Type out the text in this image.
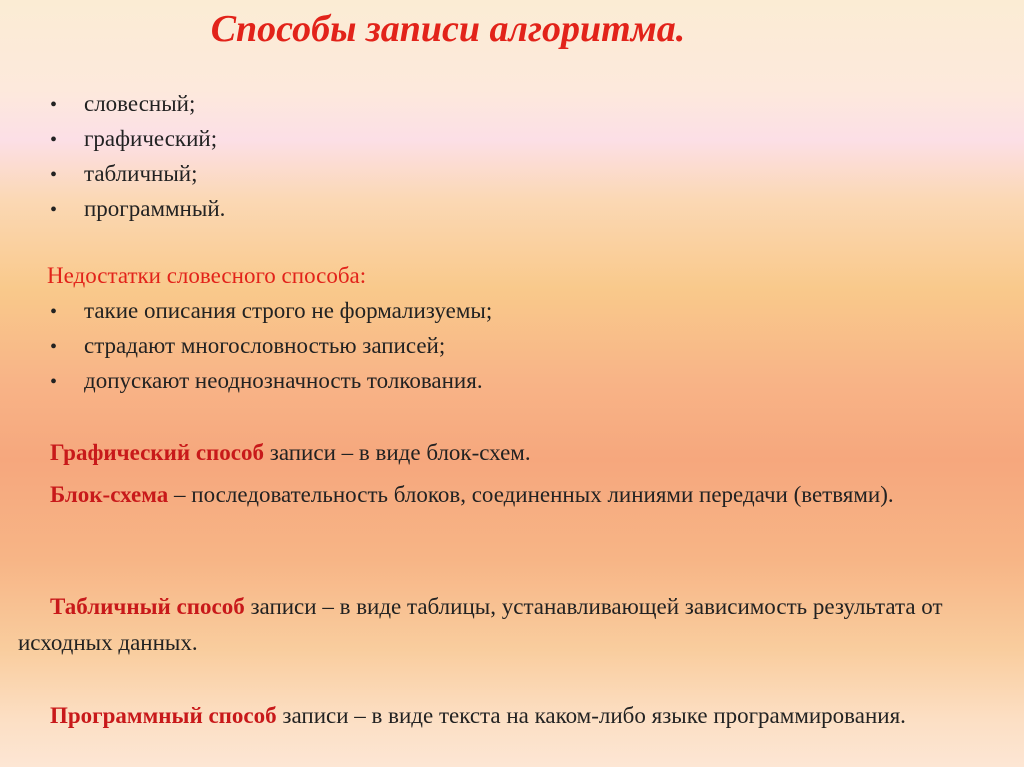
Способы записи алгоритма.
• словесный;
• графический;
• табличный;
• программный.
Недостатки словесного способа:
• такие описания строго не формализуемы;
• страдают многословностью записей;
• допускают неоднозначность толкования.
Графический способ записи – в виде блок-схем.
Блок-схема – последовательность блоков, соединенных линиями передачи (ветвями).
Табличный способ записи – в виде таблицы, устанавливающей зависимость результата от исходных данных.
Программный способ записи – в виде текста на каком-либо языке программирования.
